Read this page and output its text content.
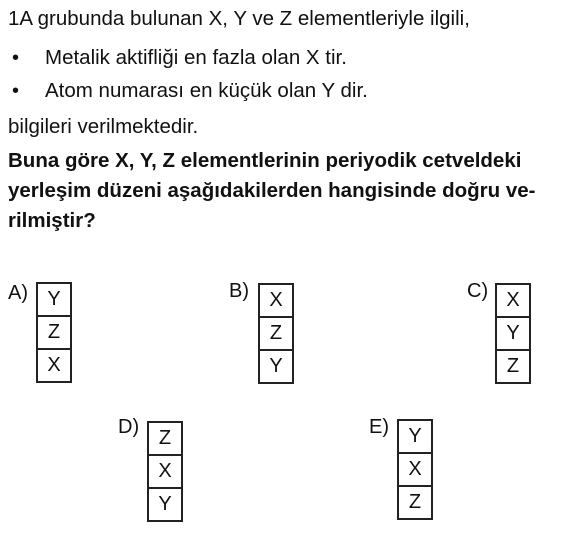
1A grubunda bulunan X, Y ve Z elementleriyle ilgili,
• Metalik aktifliği en fazla olan X tir.
• Atom numarası en küçük olan Y dir.
bilgileri verilmektedir.
Buna göre X, Y, Z elementlerinin periyodik cetveldeki
yerleşim düzeni aşağıdakilerden hangisinde doğru ve-
rilmiştir?
A) Y
Z
X
B)	X
Z
Y
C) X
Y
Z
D) Z
X
Y
E) Y
X
Z
